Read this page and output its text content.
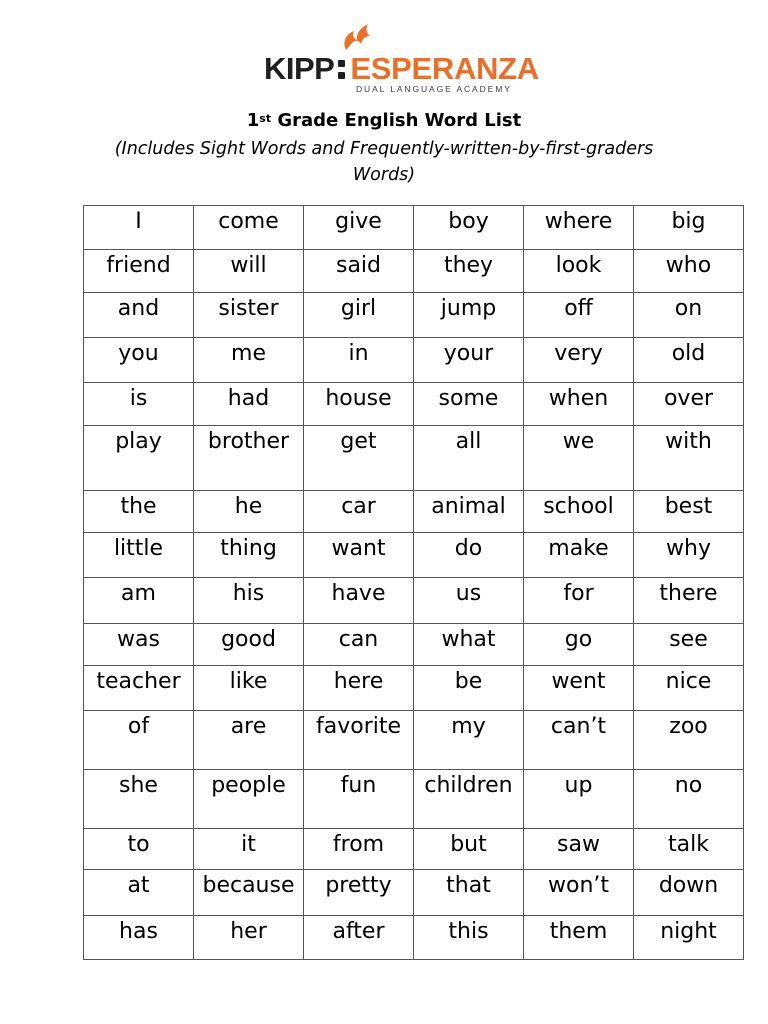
KIPP ESPERANZA
DUAL LANGUAGE ACADEMY
1st Grade English Word List
(Includes Sight Words and Frequently-written-by-first-graders Words)
I	come	give	boy	where	big
friend	will	said	they	look	who
and	sister	girl	jump	off	on
you	me	in	your	very	old
is	had	house	some	when	over
play	brother	get	all	we	with
the	he	car	animal	school	best
little	thing	want	do	make	why
am	his	have	us	for	there
was	good	can	what	go	see
teacher	like	here	be	went	nice
of	are	favorite	my	can’t	zoo
she	people	fun	children	up	no
to	it	from	but	saw	talk
at	because	pretty	that	won’t	down
has	her	after	this	them	night
